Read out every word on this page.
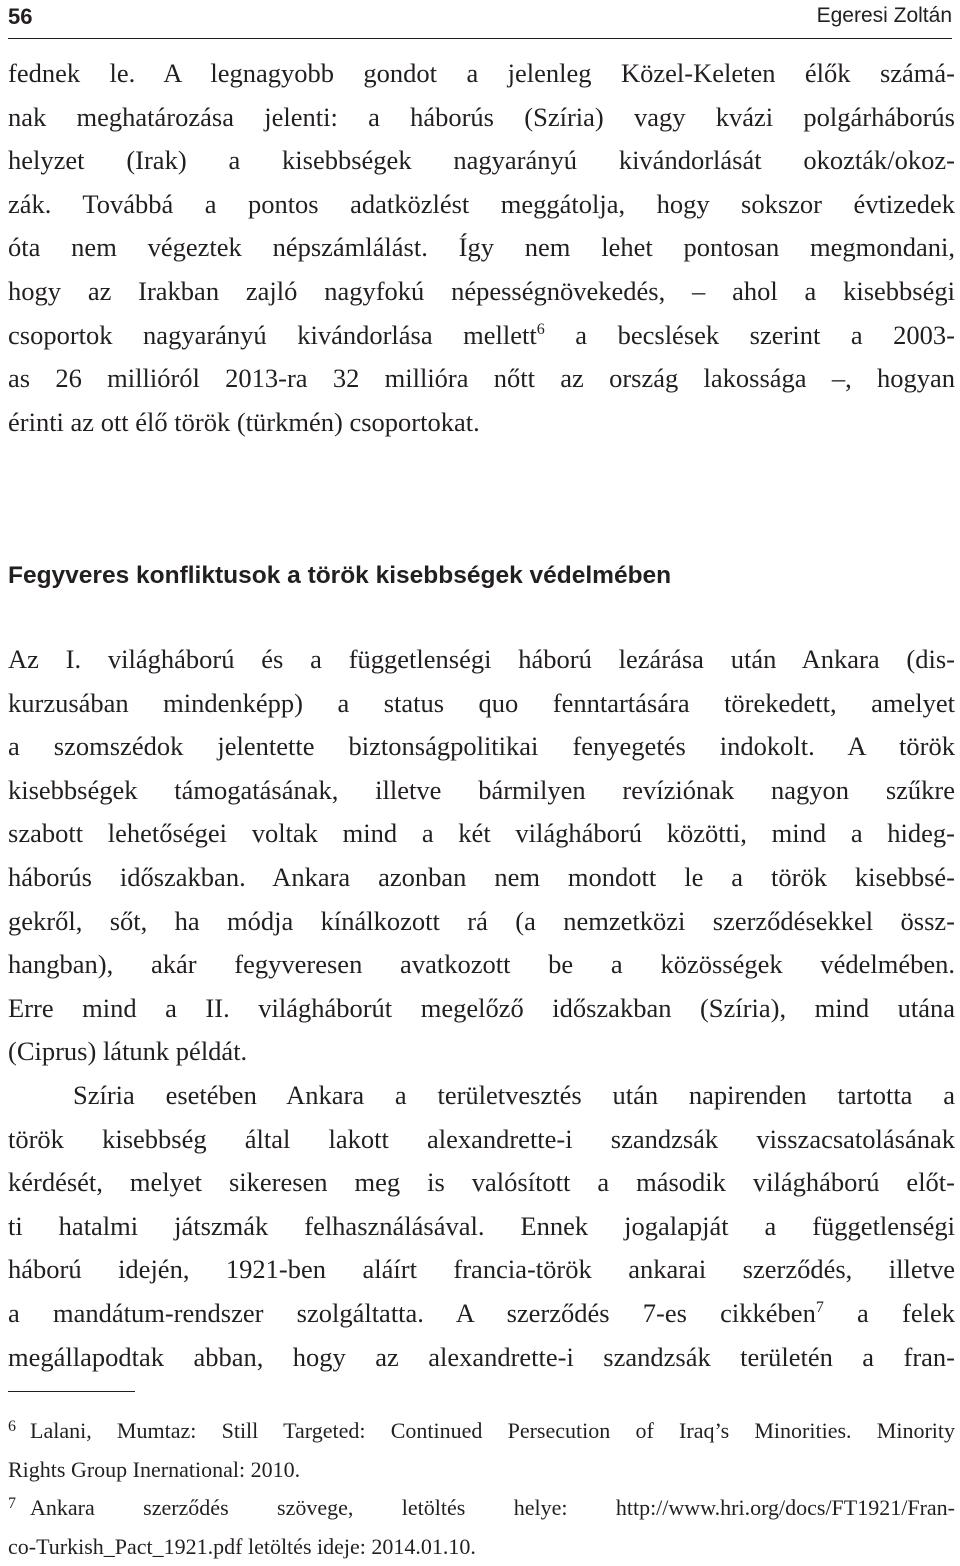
56	Egeresi Zoltán
fednek le. A legnagyobb gondot a jelenleg Közel-Keleten élők számá-
nak meghatározása jelenti: a háborús (Szíria) vagy kvázi polgárháborús
helyzet (Irak) a kisebbségek nagyarányú kivándorlását okozták/okoz-
zák. Továbbá a pontos adatközlést meggátolja, hogy sokszor évtizedek
óta nem végeztek népszámlálást. Így nem lehet pontosan megmondani,
hogy az Irakban zajló nagyfokú népességnövekedés, – ahol a kisebbségi
csoportok nagyarányú kivándorlása mellett$^6$ a becslések szerint a 2003-
as 26 millióról 2013-ra 32 millióra nőtt az ország lakossága –, hogyan
érinti az ott élő török (türkmén) csoportokat.
Fegyveres konfliktusok a török kisebbségek védelmében
Az I. világháború és a függetlenségi háború lezárása után Ankara (dis-
kurzusában mindenképp) a status quo fenntartására törekedett, amelyet
a szomszédok jelentette biztonságpolitikai fenyegetés indokolt. A török
kisebbségek támogatásának, illetve bármilyen revíziónak nagyon szűkre
szabott lehetőségei voltak mind a két világháború közötti, mind a hideg-
háborús időszakban. Ankara azonban nem mondott le a török kisebbsé-
gekről, sőt, ha módja kínálkozott rá (a nemzetközi szerződésekkel össz-
hangban), akár fegyveresen avatkozott be a közösségek védelmében.
Erre mind a II. világháborút megelőző időszakban (Szíria), mind utána
(Ciprus) látunk példát.
Szíria esetében Ankara a területvesztés után napirenden tartotta a
török kisebbség által lakott alexandrette-i szandzsák visszacsatolásának
kérdését, melyet sikeresen meg is valósított a második világháború előt-
ti hatalmi játszmák felhasználásával. Ennek jogalapját a függetlenségi
háború idején, 1921-ben aláírt francia-török ankarai szerződés, illetve
a mandátum-rendszer szolgáltatta. A szerződés 7-es cikkében$^7$ a felek
megállapodtak abban, hogy az alexandrette-i szandzsák területén a fran-
$^6$ Lalani, Mumtaz: Still Targeted: Continued Persecution of Iraq’s Minorities. Minority
Rights Group Inernational: 2010.
$^7$ Ankara szerződés szövege, letöltés helye: http://www.hri.org/docs/FT1921/Fran-
co-Turkish_Pact_1921.pdf letöltés ideje: 2014.01.10.
